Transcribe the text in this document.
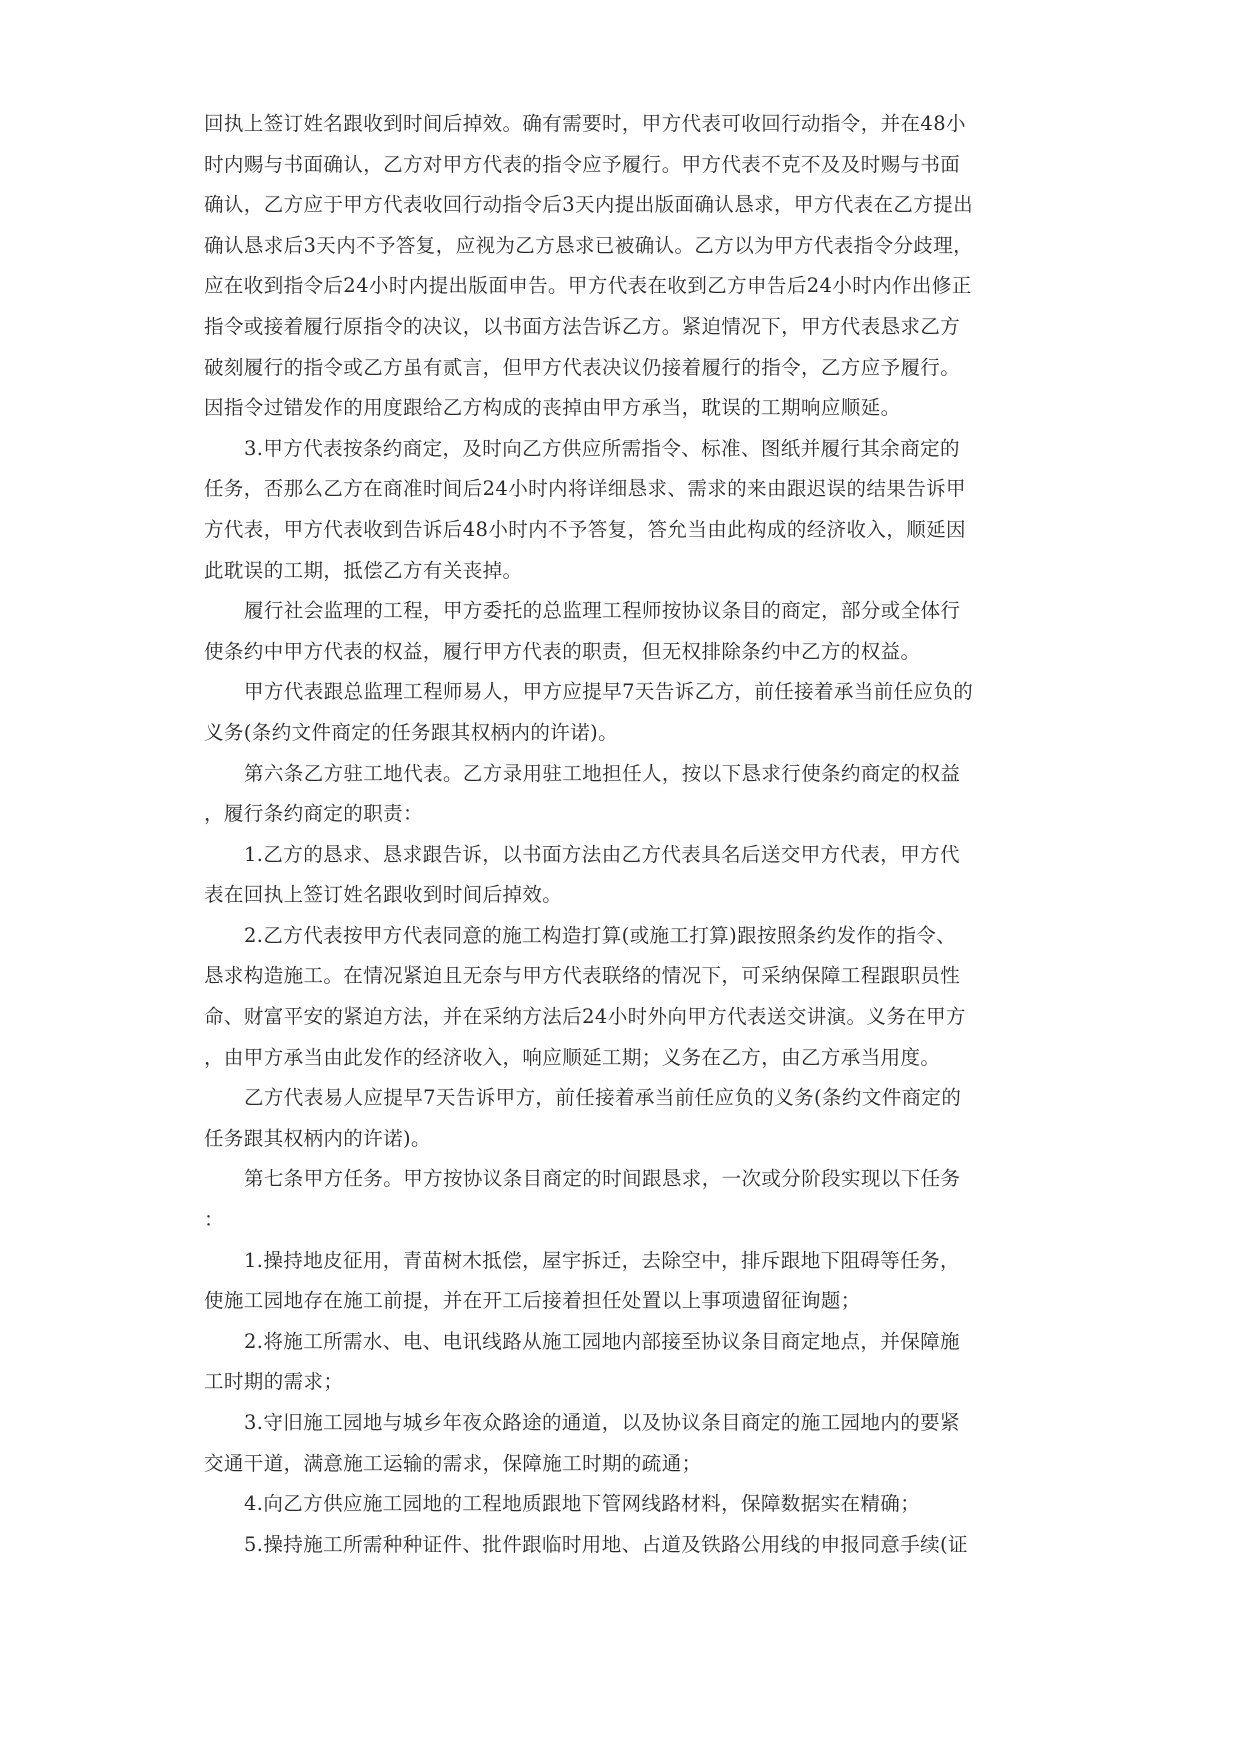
回执上签订姓名跟收到时间后掉效。确有需要时，甲方代表可收回行动指令，并在48小
时内赐与书面确认，乙方对甲方代表的指令应予履行。甲方代表不克不及及时赐与书面
确认，乙方应于甲方代表收回行动指令后3天内提出版面确认恳求，甲方代表在乙方提出
确认恳求后3天内不予答复，应视为乙方恳求已被确认。乙方以为甲方代表指令分歧理，
应在收到指令后24小时内提出版面申告。甲方代表在收到乙方申告后24小时内作出修正
指令或接着履行原指令的决议，以书面方法告诉乙方。紧迫情况下，甲方代表恳求乙方
破刻履行的指令或乙方虽有贰言，但甲方代表决议仍接着履行的指令，乙方应予履行。
因指令过错发作的用度跟给乙方构成的丧掉由甲方承当，耽误的工期响应顺延。
3.甲方代表按条约商定，及时向乙方供应所需指令、标准、图纸并履行其余商定的
任务，否那么乙方在商准时间后24小时内将详细恳求、需求的来由跟迟误的结果告诉甲
方代表，甲方代表收到告诉后48小时内不予答复，答允当由此构成的经济收入，顺延因
此耽误的工期，抵偿乙方有关丧掉。
履行社会监理的工程，甲方委托的总监理工程师按协议条目的商定，部分或全体行
使条约中甲方代表的权益，履行甲方代表的职责，但无权排除条约中乙方的权益。
甲方代表跟总监理工程师易人，甲方应提早7天告诉乙方，前任接着承当前任应负的
义务(条约文件商定的任务跟其权柄内的许诺)。
第六条乙方驻工地代表。乙方录用驻工地担任人，按以下恳求行使条约商定的权益
，履行条约商定的职责：
1.乙方的恳求、恳求跟告诉，以书面方法由乙方代表具名后送交甲方代表，甲方代
表在回执上签订姓名跟收到时间后掉效。
2.乙方代表按甲方代表同意的施工构造打算(或施工打算)跟按照条约发作的指令、
恳求构造施工。在情况紧迫且无奈与甲方代表联络的情况下，可采纳保障工程跟职员性
命、财富平安的紧迫方法，并在采纳方法后24小时外向甲方代表送交讲演。义务在甲方
，由甲方承当由此发作的经济收入，响应顺延工期；义务在乙方，由乙方承当用度。
乙方代表易人应提早7天告诉甲方，前任接着承当前任应负的义务(条约文件商定的
任务跟其权柄内的许诺)。
第七条甲方任务。甲方按协议条目商定的时间跟恳求，一次或分阶段实现以下任务
：
1.操持地皮征用，青苗树木抵偿，屋宇拆迁，去除空中，排斥跟地下阻碍等任务，
使施工园地存在施工前提，并在开工后接着担任处置以上事项遗留征询题；
2.将施工所需水、电、电讯线路从施工园地内部接至协议条目商定地点，并保障施
工时期的需求；
3.守旧施工园地与城乡年夜众路途的通道，以及协议条目商定的施工园地内的要紧
交通干道，满意施工运输的需求，保障施工时期的疏通；
4.向乙方供应施工园地的工程地质跟地下管网线路材料，保障数据实在精确；
5.操持施工所需种种证件、批件跟临时用地、占道及铁路公用线的申报同意手续(证
